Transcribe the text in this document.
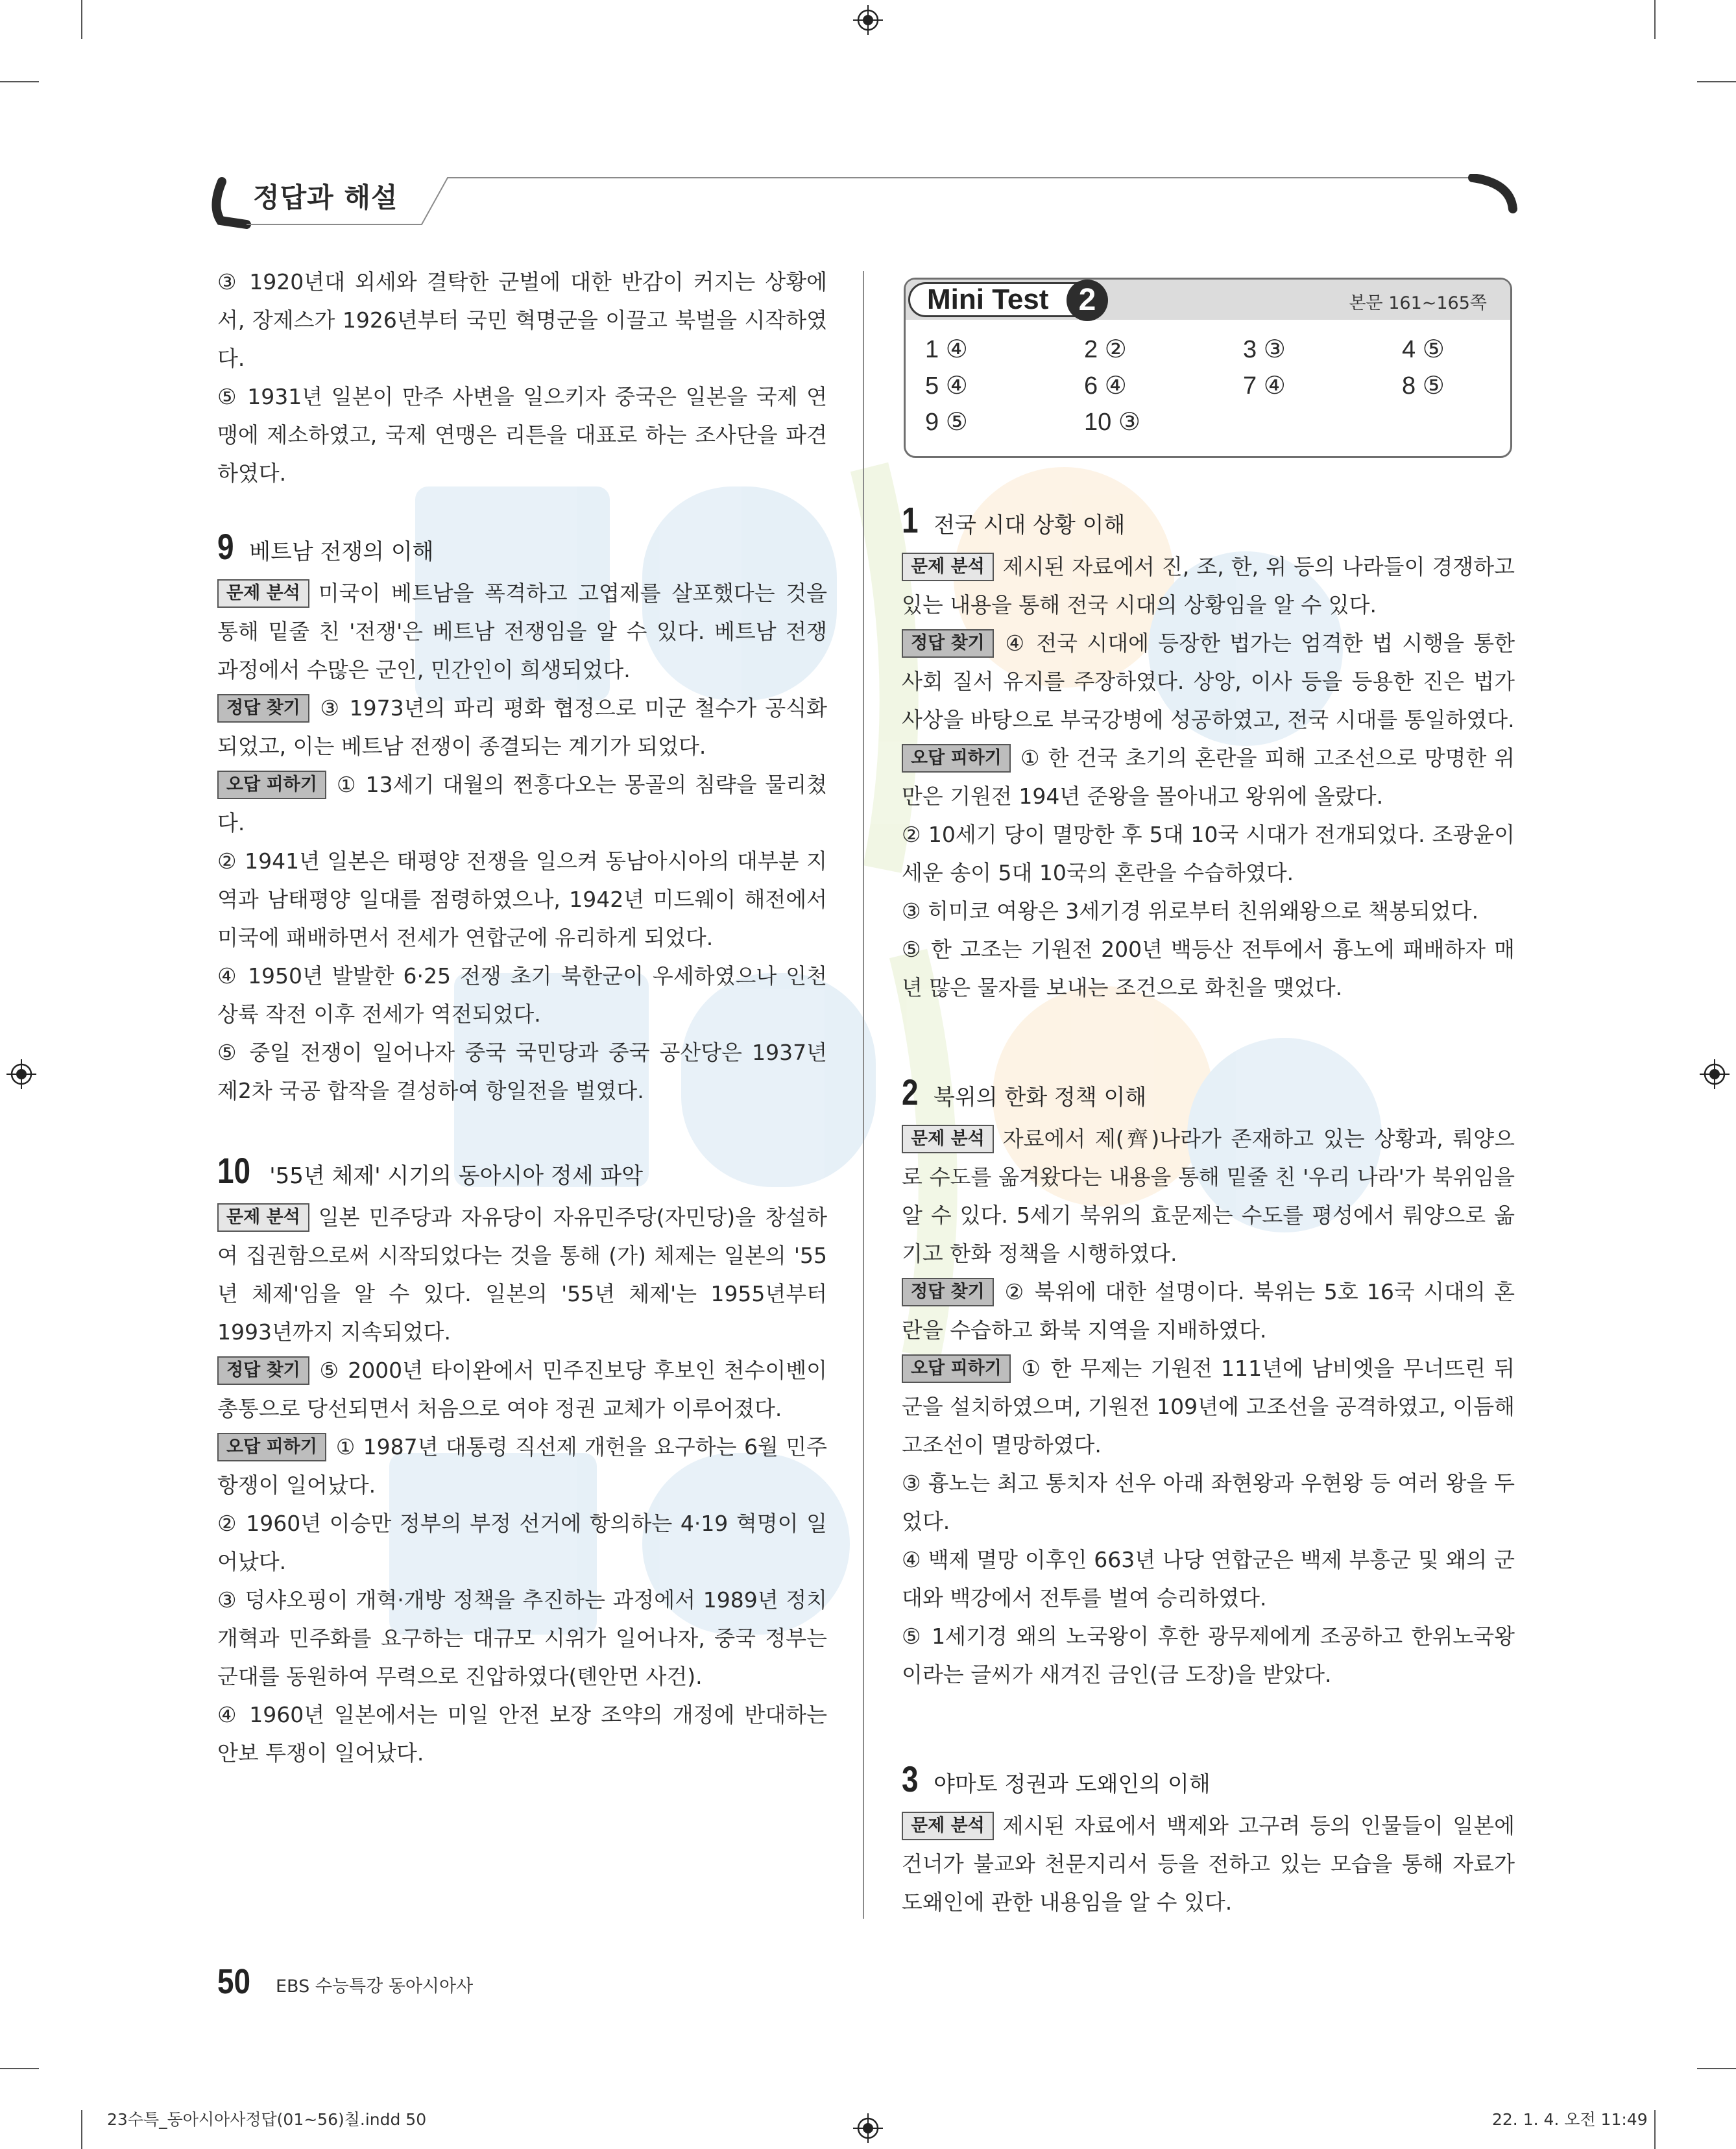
정답과 해설

③ 1920년대 외세와 결탁한 군벌에 대한 반감이 커지는 상황에서, 장제스가 1926년부터 국민 혁명군을 이끌고 북벌을 시작하였다.

⑤ 1931년 일본이 만주 사변을 일으키자 중국은 일본을 국제 연맹에 제소하였고, 국제 연맹은 리튼을 대표로 하는 조사단을 파견하였다.

9 베트남 전쟁의 이해

문제 분석 미국이 베트남을 폭격하고 고엽제를 살포했다는 것을 통해 밑줄 친 '전쟁'은 베트남 전쟁임을 알 수 있다. 베트남 전쟁 과정에서 수많은 군인, 민간인이 희생되었다.

정답 찾기 ③ 1973년의 파리 평화 협정으로 미군 철수가 공식화되었고, 이는 베트남 전쟁이 종결되는 계기가 되었다.

오답 피하기 ① 13세기 대월의 쩐흥다오는 몽골의 침략을 물리쳤다.

② 1941년 일본은 태평양 전쟁을 일으켜 동남아시아의 대부분 지역과 남태평양 일대를 점령하였으나, 1942년 미드웨이 해전에서 미국에 패배하면서 전세가 연합군에 유리하게 되었다.

④ 1950년 발발한 6·25 전쟁 초기 북한군이 우세하였으나 인천 상륙 작전 이후 전세가 역전되었다.

⑤ 중일 전쟁이 일어나자 중국 국민당과 중국 공산당은 1937년 제2차 국공 합작을 결성하여 항일전을 벌였다.

10 '55년 체제' 시기의 동아시아 정세 파악

문제 분석 일본 민주당과 자유당이 자유민주당(자민당)을 창설하여 집권함으로써 시작되었다는 것을 통해 (가) 체제는 일본의 '55년 체제'임을 알 수 있다. 일본의 '55년 체제'는 1955년부터 1993년까지 지속되었다.

정답 찾기 ⑤ 2000년 타이완에서 민주진보당 후보인 천수이볜이 총통으로 당선되면서 처음으로 여야 정권 교체가 이루어졌다.

오답 피하기 ① 1987년 대통령 직선제 개헌을 요구하는 6월 민주 항쟁이 일어났다.

② 1960년 이승만 정부의 부정 선거에 항의하는 4·19 혁명이 일어났다.

③ 덩샤오핑이 개혁·개방 정책을 추진하는 과정에서 1989년 정치 개혁과 민주화를 요구하는 대규모 시위가 일어나자, 중국 정부는 군대를 동원하여 무력으로 진압하였다(톈안먼 사건).

④ 1960년 일본에서는 미일 안전 보장 조약의 개정에 반대하는 안보 투쟁이 일어났다.

Mini Test 2	본문 161~165쪽
1 ④	2 ②	3 ③	4 ⑤
5 ④	6 ④	7 ④	8 ⑤
9 ⑤	10 ③
1 전국 시대 상황 이해

문제 분석 제시된 자료에서 진, 조, 한, 위 등의 나라들이 경쟁하고 있는 내용을 통해 전국 시대의 상황임을 알 수 있다.

정답 찾기 ④ 전국 시대에 등장한 법가는 엄격한 법 시행을 통한 사회 질서 유지를 주장하였다. 상앙, 이사 등을 등용한 진은 법가 사상을 바탕으로 부국강병에 성공하였고, 전국 시대를 통일하였다.

오답 피하기 ① 한 건국 초기의 혼란을 피해 고조선으로 망명한 위만은 기원전 194년 준왕을 몰아내고 왕위에 올랐다.

② 10세기 당이 멸망한 후 5대 10국 시대가 전개되었다. 조광윤이 세운 송이 5대 10국의 혼란을 수습하였다.

③ 히미코 여왕은 3세기경 위로부터 친위왜왕으로 책봉되었다.

⑤ 한 고조는 기원전 200년 백등산 전투에서 흉노에 패배하자 매년 많은 물자를 보내는 조건으로 화친을 맺었다.

2 북위의 한화 정책 이해

문제 분석 자료에서 제(齊)나라가 존재하고 있는 상황과, 뤄양으로 수도를 옮겨왔다는 내용을 통해 밑줄 친 '우리 나라'가 북위임을 알 수 있다. 5세기 북위의 효문제는 수도를 평성에서 뤄양으로 옮기고 한화 정책을 시행하였다.

정답 찾기 ② 북위에 대한 설명이다. 북위는 5호 16국 시대의 혼란을 수습하고 화북 지역을 지배하였다.

오답 피하기 ① 한 무제는 기원전 111년에 남비엣을 무너뜨린 뒤 군을 설치하였으며, 기원전 109년에 고조선을 공격하였고, 이듬해 고조선이 멸망하였다.

③ 흉노는 최고 통치자 선우 아래 좌현왕과 우현왕 등 여러 왕을 두었다.

④ 백제 멸망 이후인 663년 나당 연합군은 백제 부흥군 및 왜의 군대와 백강에서 전투를 벌여 승리하였다.

⑤ 1세기경 왜의 노국왕이 후한 광무제에게 조공하고 한위노국왕이라는 글씨가 새겨진 금인(금 도장)을 받았다.

3 야마토 정권과 도왜인의 이해

문제 분석 제시된 자료에서 백제와 고구려 등의 인물들이 일본에 건너가 불교와 천문지리서 등을 전하고 있는 모습을 통해 자료가 도왜인에 관한 내용임을 알 수 있다.

50 EBS 수능특강 동아시아사
23수특_동아시아사정답(01~56)칠.indd 50	22. 1. 4. 오전 11:49
